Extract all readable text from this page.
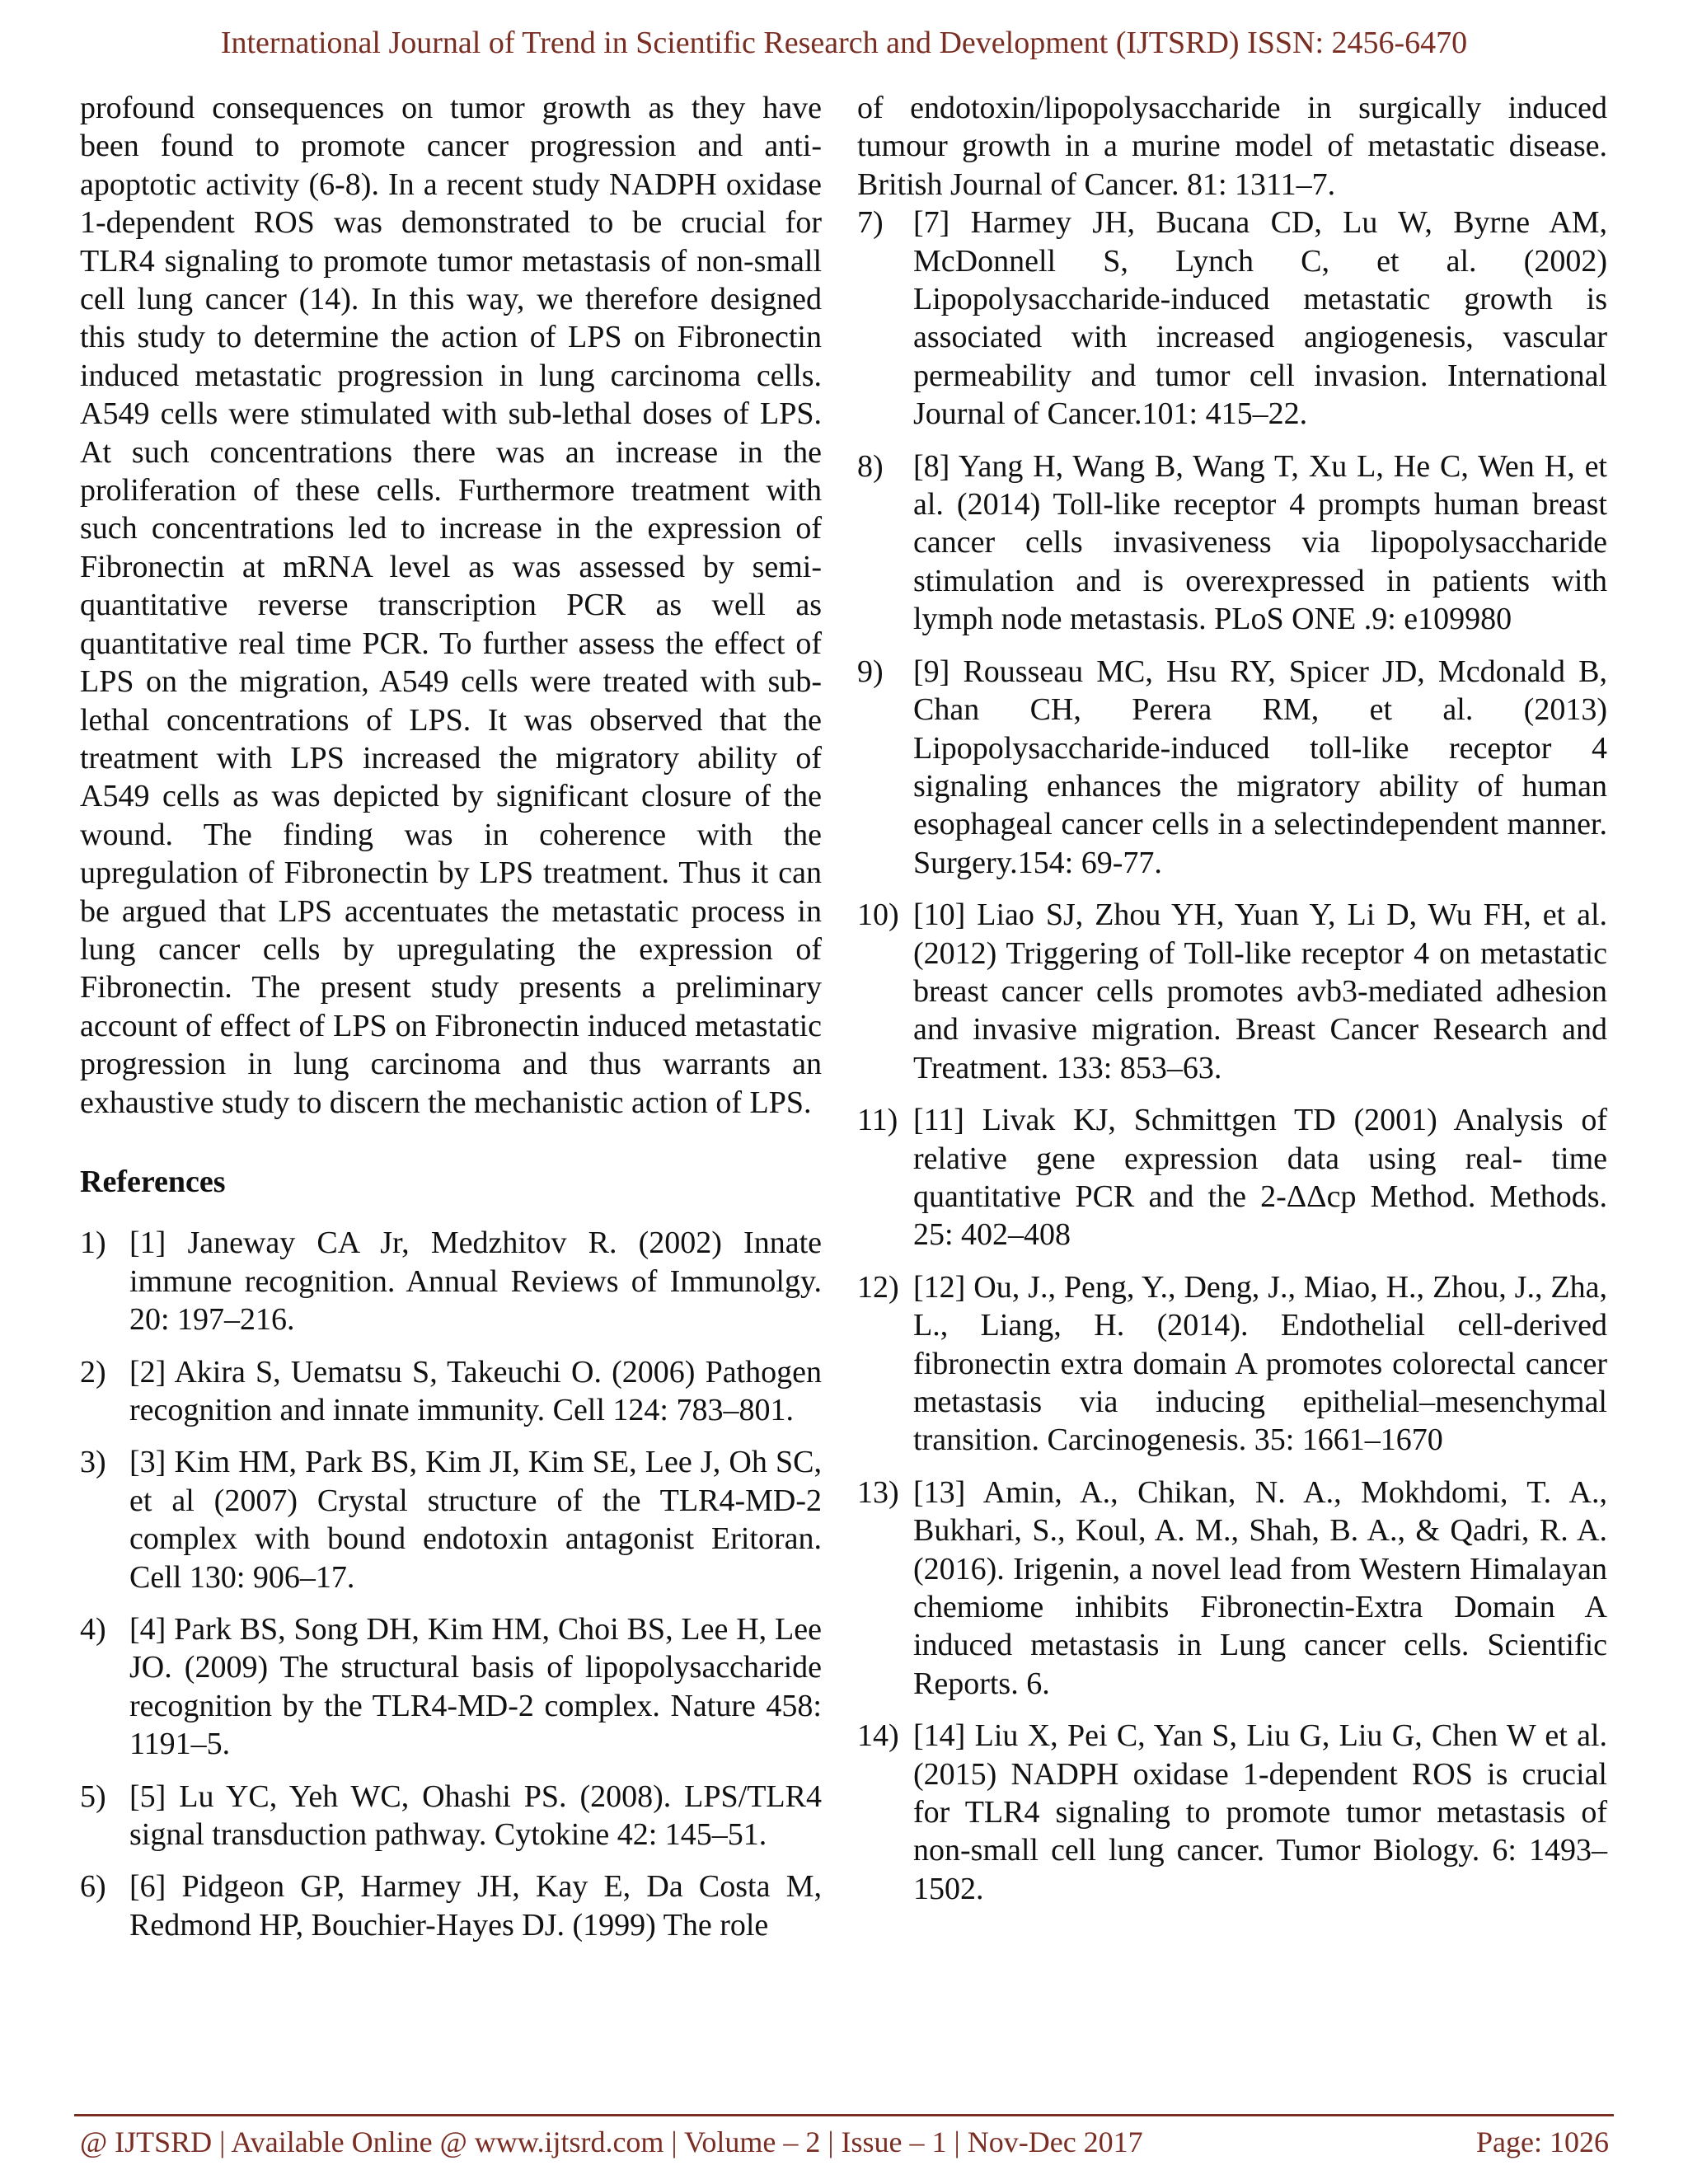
International Journal of Trend in Scientific Research and Development (IJTSRD) ISSN: 2456-6470

profound consequences on tumor growth as they have been found to promote cancer progression and anti-apoptotic activity (6-8). In a recent study NADPH oxidase 1-dependent ROS was demonstrated to be crucial for TLR4 signaling to promote tumor metastasis of non-small cell lung cancer (14). In this way, we therefore designed this study to determine the action of LPS on Fibronectin induced metastatic progression in lung carcinoma cells. A549 cells were stimulated with sub-lethal doses of LPS. At such concentrations there was an increase in the proliferation of these cells. Furthermore treatment with such concentrations led to increase in the expression of Fibronectin at mRNA level as was assessed by semi-quantitative reverse transcription PCR as well as quantitative real time PCR. To further assess the effect of LPS on the migration, A549 cells were treated with sub-lethal concentrations of LPS. It was observed that the treatment with LPS increased the migratory ability of A549 cells as was depicted by significant closure of the wound. The finding was in coherence with the upregulation of Fibronectin by LPS treatment. Thus it can be argued that LPS accentuates the metastatic process in lung cancer cells by upregulating the expression of Fibronectin. The present study presents a preliminary account of effect of LPS on Fibronectin induced metastatic progression in lung carcinoma and thus warrants an exhaustive study to discern the mechanistic action of LPS.

References

1) [1] Janeway CA Jr, Medzhitov R. (2002) Innate immune recognition. Annual Reviews of Immunolgy. 20: 197–216.
2) [2] Akira S, Uematsu S, Takeuchi O. (2006) Pathogen recognition and innate immunity. Cell 124: 783–801.
3) [3] Kim HM, Park BS, Kim JI, Kim SE, Lee J, Oh SC, et al (2007) Crystal structure of the TLR4-MD-2 complex with bound endotoxin antagonist Eritoran. Cell 130: 906–17.
4) [4] Park BS, Song DH, Kim HM, Choi BS, Lee H, Lee JO. (2009) The structural basis of lipopolysaccharide recognition by the TLR4-MD-2 complex. Nature 458: 1191–5.
5) [5] Lu YC, Yeh WC, Ohashi PS. (2008). LPS/TLR4 signal transduction pathway. Cytokine 42: 145–51.
6) [6] Pidgeon GP, Harmey JH, Kay E, Da Costa M, Redmond HP, Bouchier-Hayes DJ. (1999) The role

of endotoxin/lipopolysaccharide in surgically induced tumour growth in a murine model of metastatic disease. British Journal of Cancer. 81: 1311–7.

7) [7] Harmey JH, Bucana CD, Lu W, Byrne AM, McDonnell S, Lynch C, et al. (2002) Lipopolysaccharide-induced metastatic growth is associated with increased angiogenesis, vascular permeability and tumor cell invasion. International Journal of Cancer.101: 415–22.
8) [8] Yang H, Wang B, Wang T, Xu L, He C, Wen H, et al. (2014) Toll-like receptor 4 prompts human breast cancer cells invasiveness via lipopolysaccharide stimulation and is overexpressed in patients with lymph node metastasis. PLoS ONE .9: e109980
9) [9] Rousseau MC, Hsu RY, Spicer JD, Mcdonald B, Chan CH, Perera RM, et al. (2013) Lipopolysaccharide-induced toll-like receptor 4 signaling enhances the migratory ability of human esophageal cancer cells in a selectindependent manner. Surgery.154: 69-77.
10) [10] Liao SJ, Zhou YH, Yuan Y, Li D, Wu FH, et al. (2012) Triggering of Toll-like receptor 4 on metastatic breast cancer cells promotes avb3-mediated adhesion and invasive migration. Breast Cancer Research and Treatment. 133: 853–63.
11) [11] Livak KJ, Schmittgen TD (2001) Analysis of relative gene expression data using real- time quantitative PCR and the 2-ΔΔcp Method. Methods. 25: 402–408
12) [12] Ou, J., Peng, Y., Deng, J., Miao, H., Zhou, J., Zha, L., Liang, H. (2014). Endothelial cell-derived fibronectin extra domain A promotes colorectal cancer metastasis via inducing epithelial–mesenchymal transition. Carcinogenesis. 35: 1661–1670
13) [13] Amin, A., Chikan, N. A., Mokhdomi, T. A., Bukhari, S., Koul, A. M., Shah, B. A., & Qadri, R. A. (2016). Irigenin, a novel lead from Western Himalayan chemiome inhibits Fibronectin-Extra Domain A induced metastasis in Lung cancer cells. Scientific Reports. 6.
14) [14] Liu X, Pei C, Yan S, Liu G, Liu G, Chen W et al. (2015) NADPH oxidase 1-dependent ROS is crucial for TLR4 signaling to promote tumor metastasis of non-small cell lung cancer. Tumor Biology. 6: 1493–1502.
@ IJTSRD | Available Online @ www.ijtsrd.com | Volume – 2 | Issue – 1 | Nov-Dec 2017	Page: 1026
